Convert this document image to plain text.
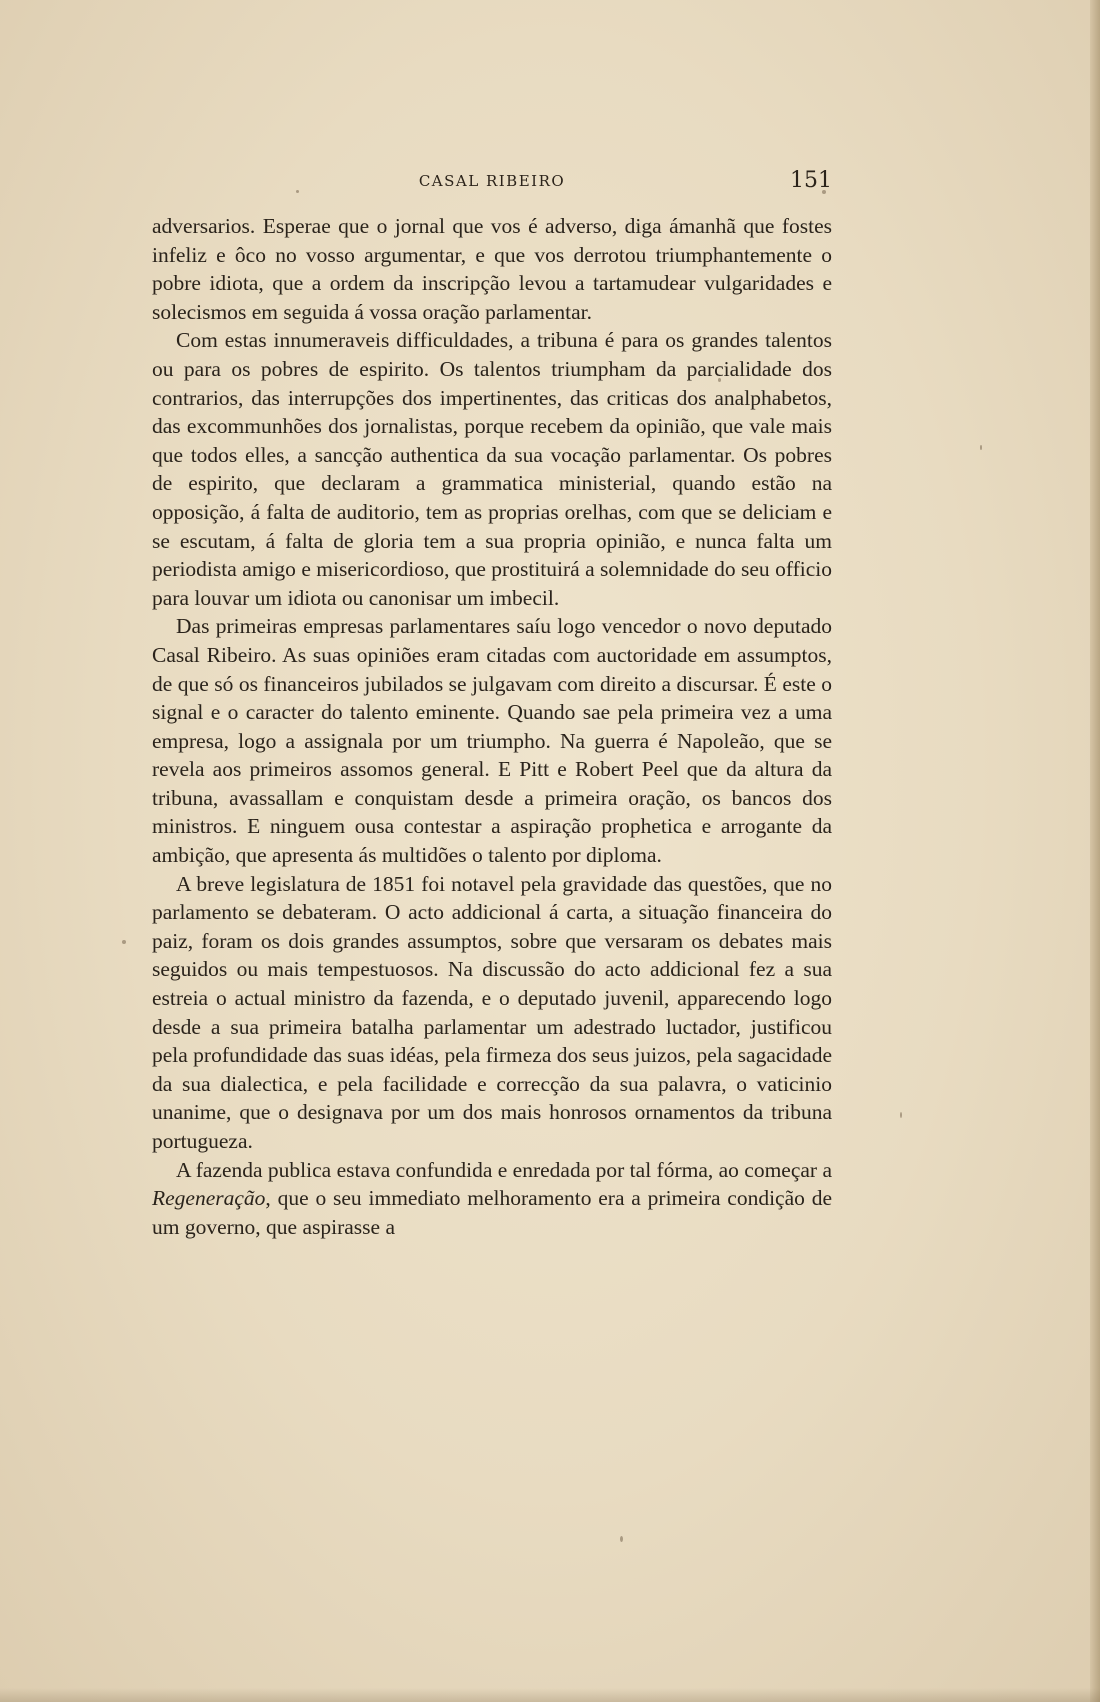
CASAL RIBEIRO	151

adversarios. Esperae que o jornal que vos é adverso, diga ámanhã que fostes infeliz e ôco no vosso argumentar, e que vos derrotou triumphantemente o pobre idiota, que a ordem da inscripção levou a tartamudear vulgaridades e solecismos em seguida á vossa oração parlamentar.

Com estas innumeraveis difficuldades, a tribuna é para os grandes talentos ou para os pobres de espirito. Os talentos triumpham da parcialidade dos contrarios, das interrupções dos impertinentes, das criticas dos analphabetos, das excommunhões dos jornalistas, porque recebem da opinião, que vale mais que todos elles, a sancção authentica da sua vocação parlamentar. Os pobres de espirito, que declaram a grammatica ministerial, quando estão na opposição, á falta de auditorio, tem as proprias orelhas, com que se deliciam e se escutam, á falta de gloria tem a sua propria opinião, e nunca falta um periodista amigo e misericordioso, que prostituirá a solemnidade do seu officio para louvar um idiota ou canonisar um imbecil.

Das primeiras empresas parlamentares saíu logo vencedor o novo deputado Casal Ribeiro. As suas opiniões eram citadas com auctoridade em assumptos, de que só os financeiros jubilados se julgavam com direito a discursar. É este o signal e o caracter do talento eminente. Quando sae pela primeira vez a uma empresa, logo a assignala por um triumpho. Na guerra é Napoleão, que se revela aos primeiros assomos general. E Pitt e Robert Peel que da altura da tribuna, avassallam e conquistam desde a primeira oração, os bancos dos ministros. E ninguem ousa contestar a aspiração prophetica e arrogante da ambição, que apresenta ás multidões o talento por diploma.

A breve legislatura de 1851 foi notavel pela gravidade das questões, que no parlamento se debateram. O acto addicional á carta, a situação financeira do paiz, foram os dois grandes assumptos, sobre que versaram os debates mais seguidos ou mais tempestuosos. Na discussão do acto addicional fez a sua estreia o actual ministro da fazenda, e o deputado juvenil, apparecendo logo desde a sua primeira batalha parlamentar um adestrado luctador, justificou pela profundidade das suas idéas, pela firmeza dos seus juizos, pela sagacidade da sua dialectica, e pela facilidade e correcção da sua palavra, o vaticinio unanime, que o designava por um dos mais honrosos ornamentos da tribuna portugueza.

A fazenda publica estava confundida e enredada por tal fórma, ao começar a Regeneração, que o seu immediato melhoramento era a primeira condição de um governo, que aspirasse a
